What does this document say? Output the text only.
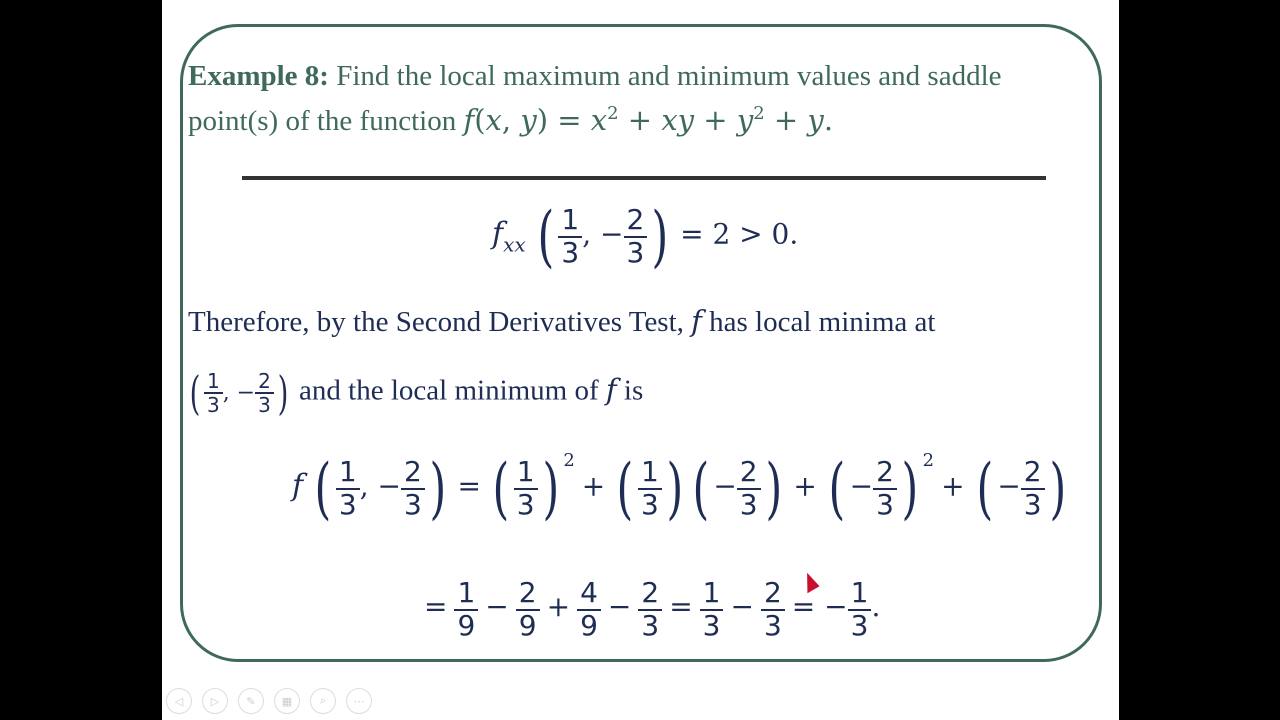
Example 8: Find the local maximum and minimum values and saddle
point(s) of the function f(x, $y) = x^2$ + xy + $y^2 + y$.
$f_{xx}$ ( $\frac{1}{3}$ , − $\frac{2}{3}$ ) = 2 > 0.
Therefore, by the Second Derivatives Test, f has local minima at
( $\frac{1}{3}$ , − $\frac{2}{3}$ ) and the local minimum of f is
f ( $\frac{1}{3}$ , − $\frac{2}{3}$ ) = ( $\frac{1}{3}$ ) $^2$ + ( $\frac{1}{3}$ ) ( − $\frac{2}{3}$ ) + ( − $\frac{2}{3}$ ) $^2$ + ( − $\frac{2}{3}$ )
= $\frac{1}{9} - \frac{2}{9} + \frac{4}{9} - \frac{2}{3} = \frac{1}{3} - \frac{2}{3}$ = − $\frac{1}{3}$ .
◁	▷	✎	▦	⌕	⋯
